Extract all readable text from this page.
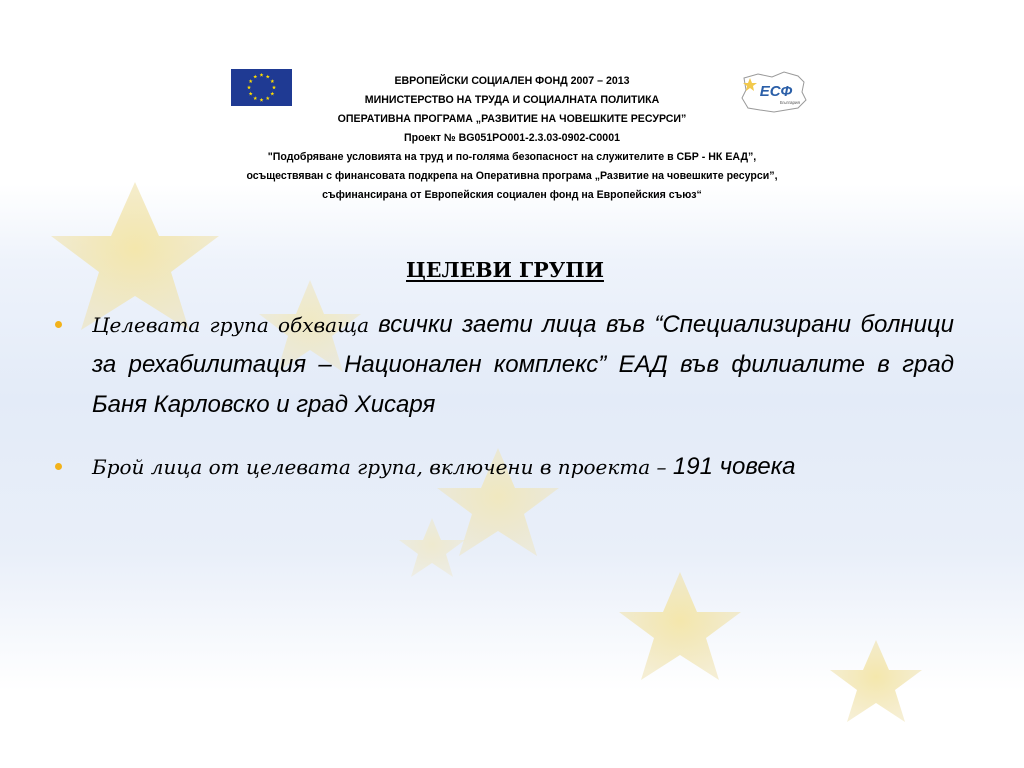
ЕСФ
България
ЕВРОПЕЙСКИ СОЦИАЛЕН ФОНД 2007 – 2013
МИНИСТЕРСТВО НА ТРУДА И СОЦИАЛНАТА ПОЛИТИКА
ОПЕРАТИВНА ПРОГРАМА „РАЗВИТИЕ НА ЧОВЕШКИТЕ РЕСУРСИ”
Проект № BG051PO001-2.3.03-0902-C0001
"Подобряване условията на труд и по-голяма безопасност на служителите в СБР - НК ЕАД”,
осъществяван с финансовата подкрепа на Оперативна програма „Развитие на човешките ресурси”,
съфинансирана от Европейския социален фонд на Европейския съюз“
ЦЕЛЕВИ ГРУПИ
Целевата група обхваща всички заети лица във “Специализирани болници за рехабилитация – Национален комплекс” ЕАД във филиалите в град Баня Карловско и град Хисаря
Брой лица от целевата група, включени в проекта – 191 човека
